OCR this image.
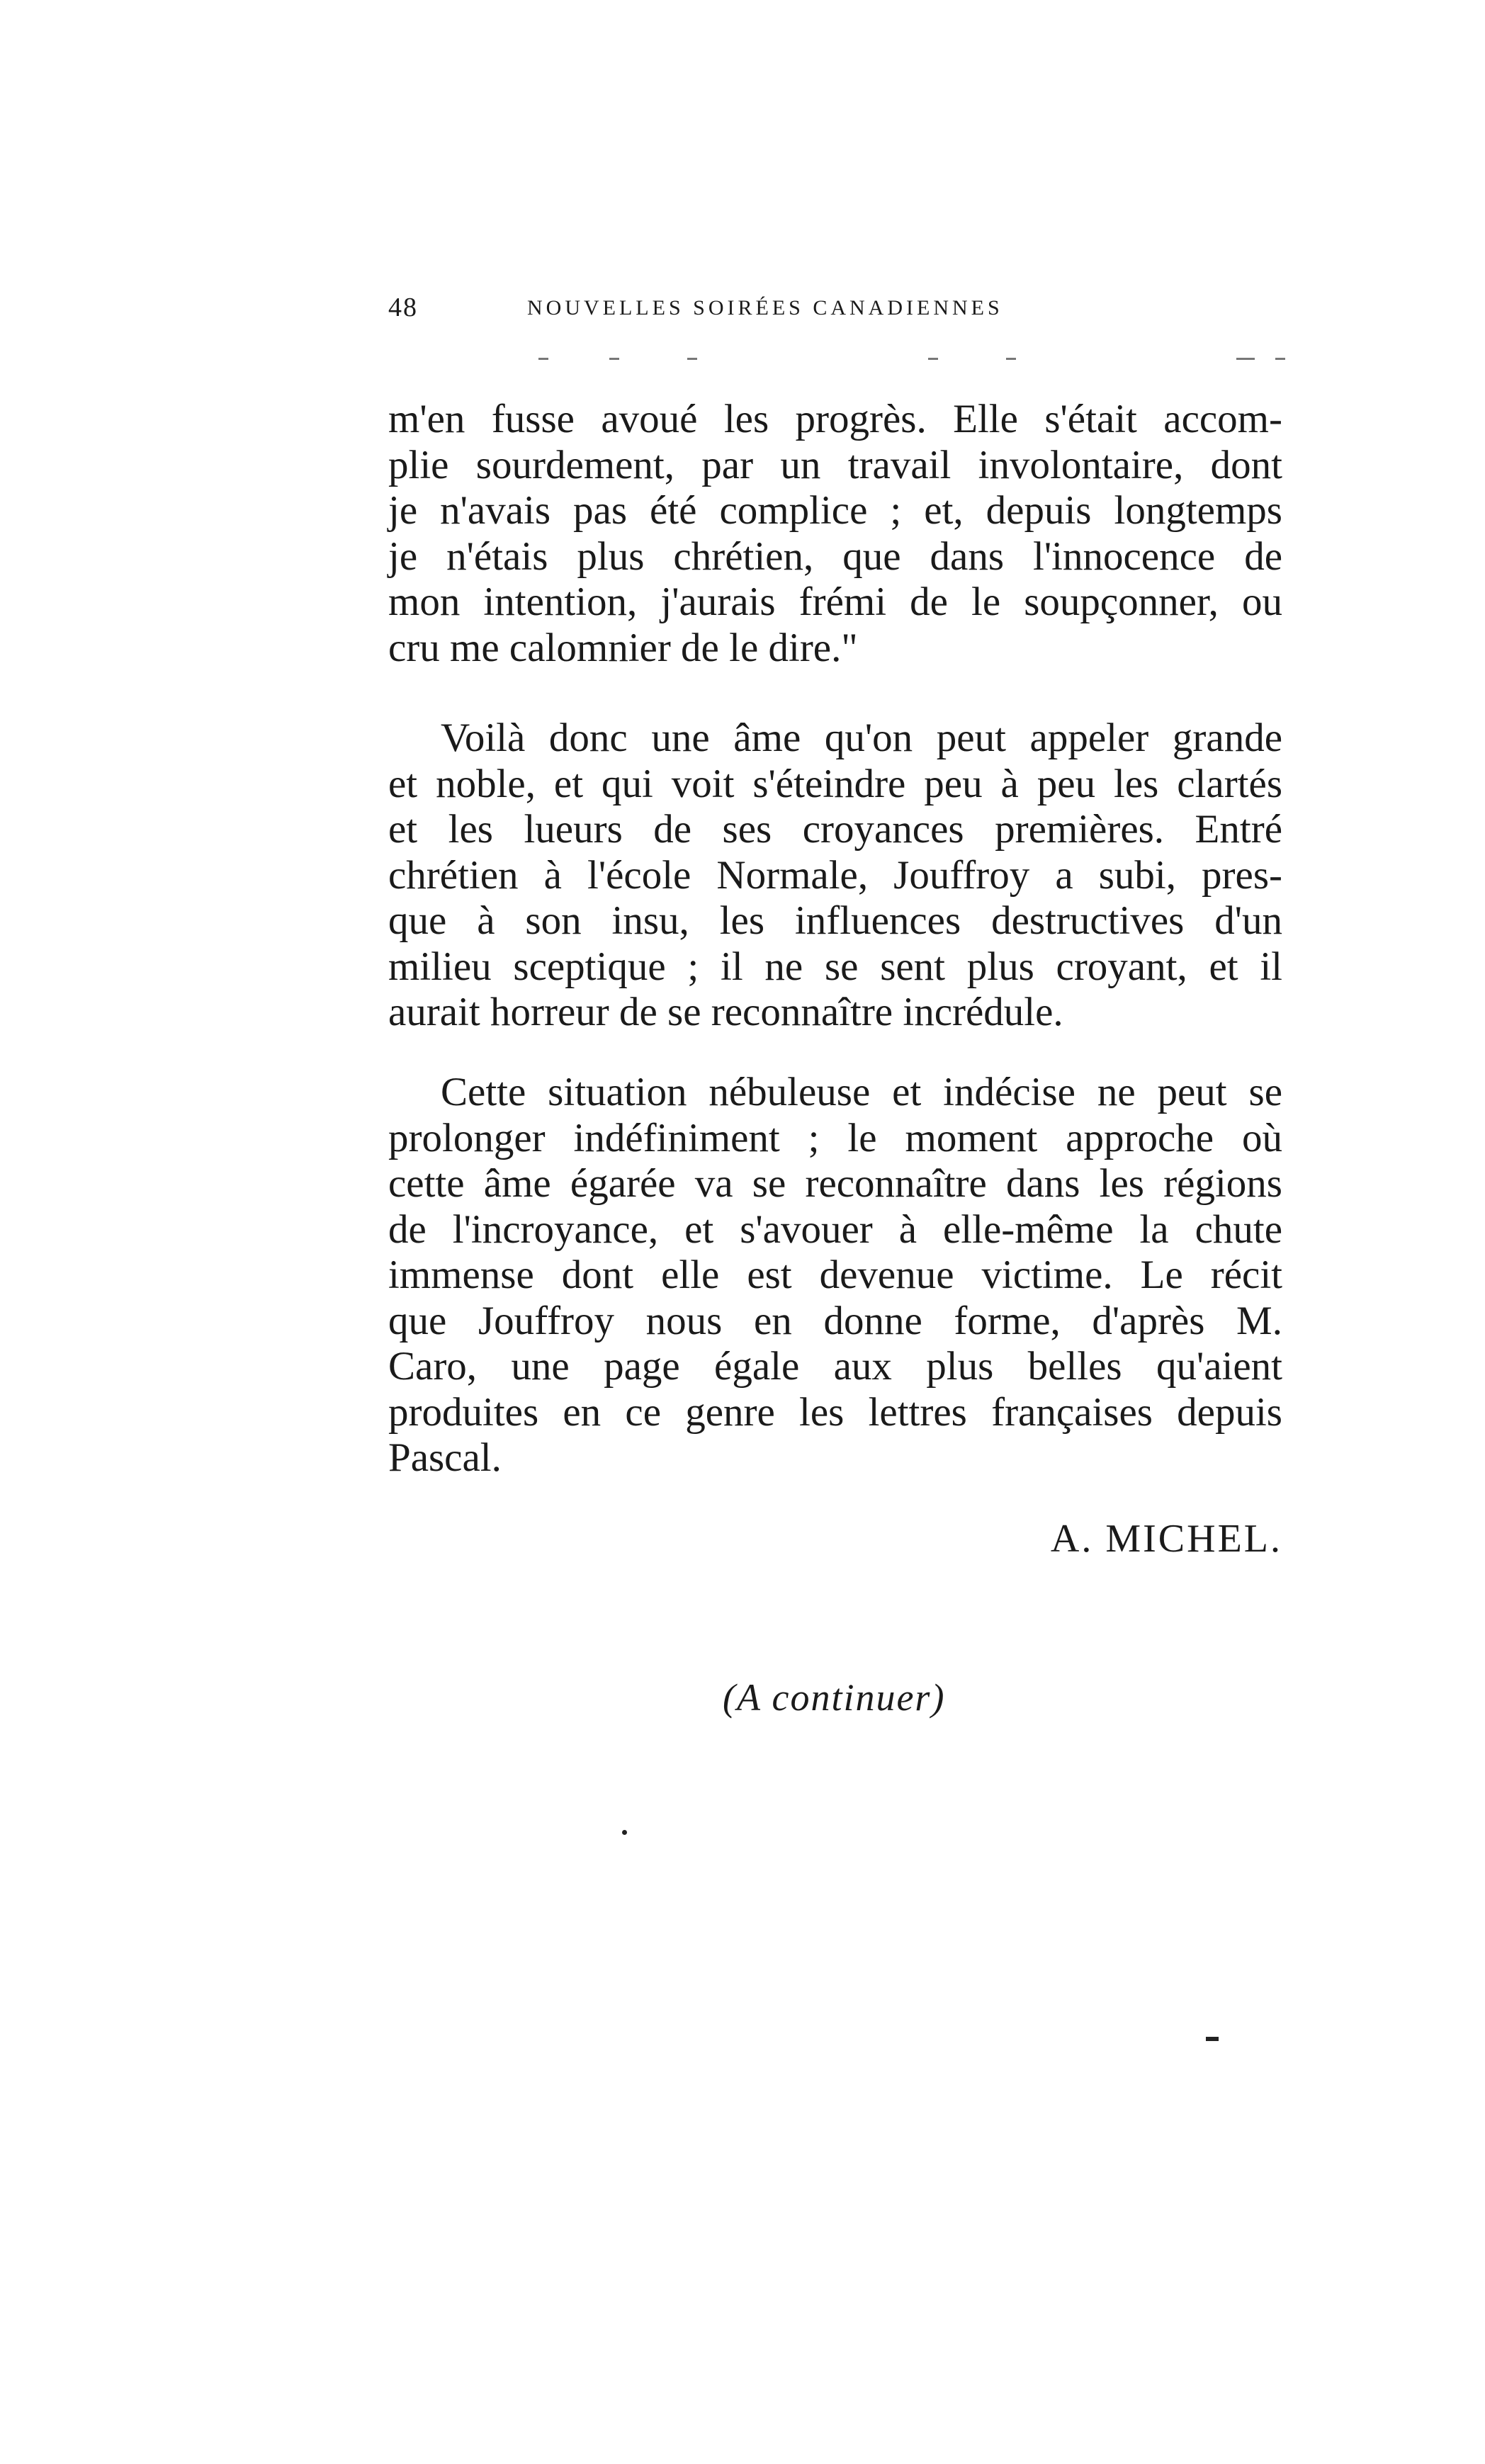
48	NOUVELLES SOIRÉES CANADIENNES
m'en fusse avoué les progrès. Elle s'était accom-
plie sourdement, par un travail involontaire, dont
je n'avais pas été complice ; et, depuis longtemps
je n'étais plus chrétien, que dans l'innocence de
mon intention, j'aurais frémi de le soupçonner, ou
cru me calomnier de le dire."
Voilà donc une âme qu'on peut appeler grande
et noble, et qui voit s'éteindre peu à peu les clartés
et les lueurs de ses croyances premières. Entré
chrétien à l'école Normale, Jouffroy a subi, pres-
que à son insu, les influences destructives d'un
milieu sceptique ; il ne se sent plus croyant, et il
aurait horreur de se reconnaître incrédule.
Cette situation nébuleuse et indécise ne peut se
prolonger indéfiniment ; le moment approche où
cette âme égarée va se reconnaître dans les régions
de l'incroyance, et s'avouer à elle-même la chute
immense dont elle est devenue victime. Le récit
que Jouffroy nous en donne forme, d'après M.
Caro, une page égale aux plus belles qu'aient
produites en ce genre les lettres françaises depuis
Pascal.
A. MICHEL.
(A continuer)
